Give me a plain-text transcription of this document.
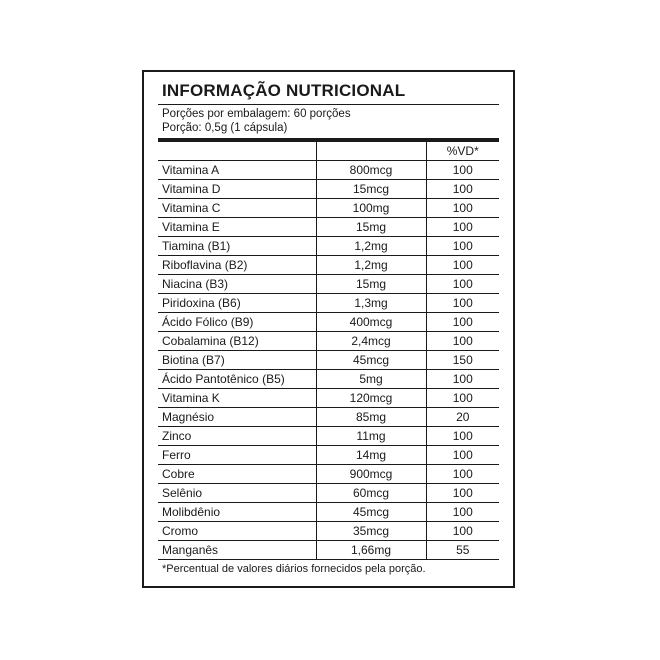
INFORMAÇÃO NUTRICIONAL
Porções por embalagem: 60 porções
Porção: 0,5g (1 cápsula)
		%VD*
Vitamina A	800mcg	100
Vitamina D	15mcg	100
Vitamina C	100mg	100
Vitamina E	15mg	100
Tiamina (B1)	1,2mg	100
Riboflavina (B2)	1,2mg	100
Niacina (B3)	15mg	100
Piridoxina (B6)	1,3mg	100
Ácido Fólico (B9)	400mcg	100
Cobalamina (B12)	2,4mcg	100
Biotina (B7)	45mcg	150
Ácido Pantotênico (B5)	5mg	100
Vitamina K	120mcg	100
Magnésio	85mg	20
Zinco	11mg	100
Ferro	14mg	100
Cobre	900mcg	100
Selênio	60mcg	100
Molibdênio	45mcg	100
Cromo	35mcg	100
Manganês	1,66mg	55
*Percentual de valores diários fornecidos pela porção.
